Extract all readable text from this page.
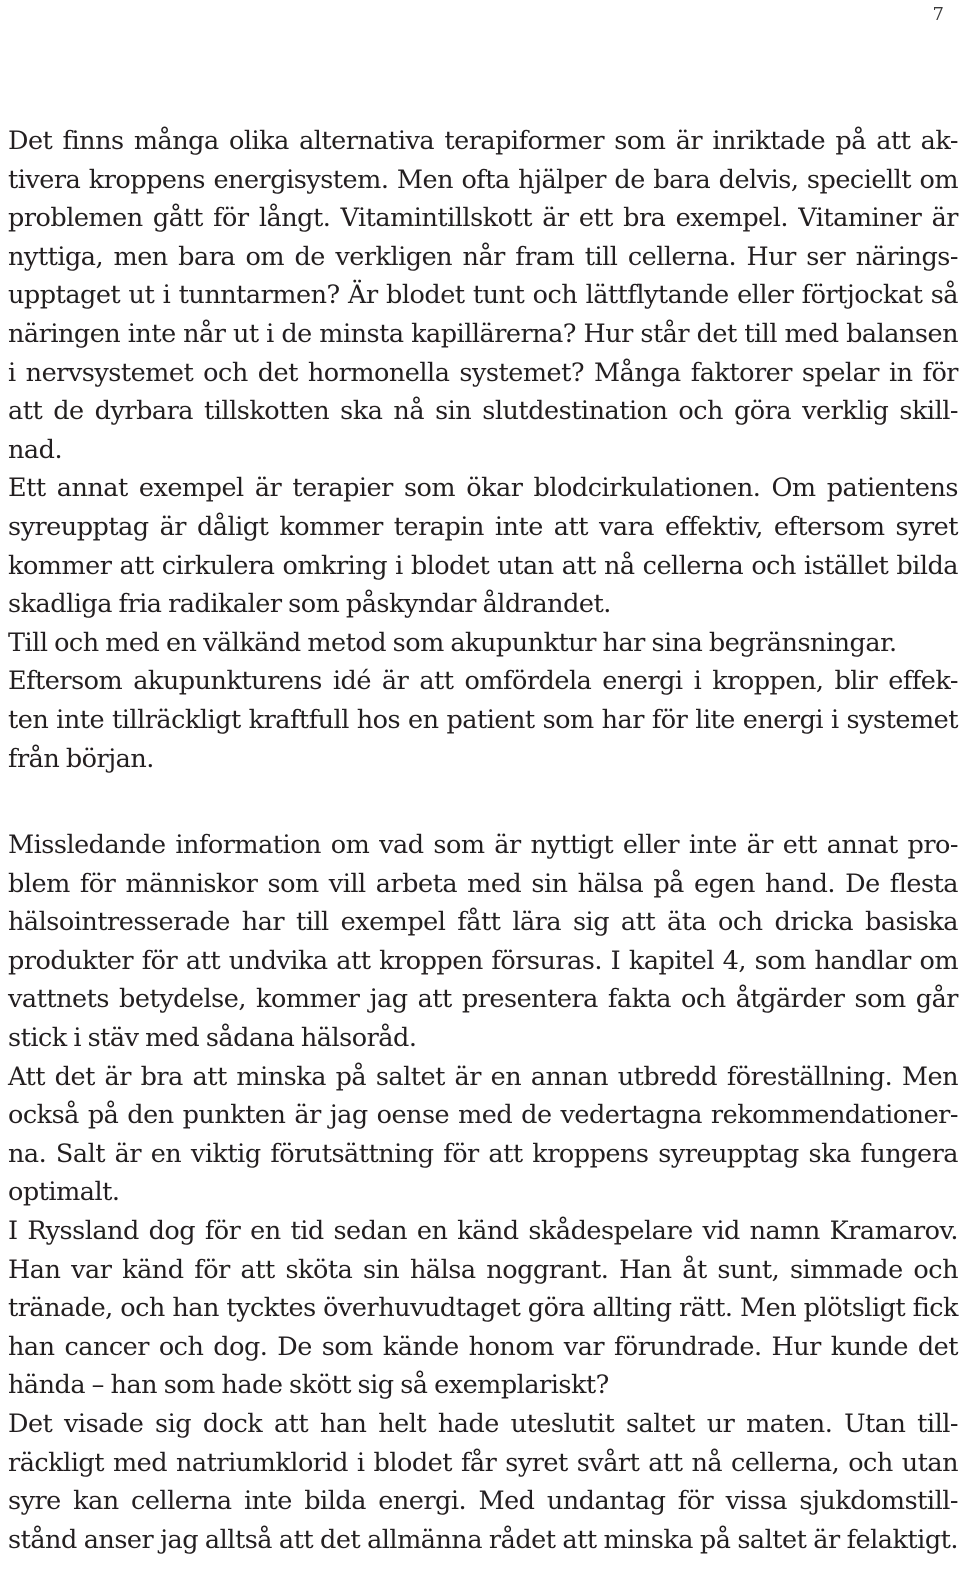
7
Det finns många olika alternativa terapiformer som är inriktade på att ak-
tivera kroppens energisystem. Men ofta hjälper de bara delvis, speciellt om
problemen gått för långt. Vitamintillskott är ett bra exempel. Vitaminer är
nyttiga, men bara om de verkligen når fram till cellerna. Hur ser närings-
upptaget ut i tunntarmen? Är blodet tunt och lättflytande eller förtjockat så
näringen inte når ut i de minsta kapillärerna? Hur står det till med balansen
i nervsystemet och det hormonella systemet? Många faktorer spelar in för
att de dyrbara tillskotten ska nå sin slutdestination och göra verklig skill-
nad.
Ett annat exempel är terapier som ökar blodcirkulationen. Om patientens
syreupptag är dåligt kommer terapin inte att vara effektiv, eftersom syret
kommer att cirkulera omkring i blodet utan att nå cellerna och istället bilda
skadliga fria radikaler som påskyndar åldrandet.
Till och med en välkänd metod som akupunktur har sina begränsningar.
Eftersom akupunkturens idé är att omfördela energi i kroppen, blir effek-
ten inte tillräckligt kraftfull hos en patient som har för lite energi i systemet
från början.
Missledande information om vad som är nyttigt eller inte är ett annat pro-
blem för människor som vill arbeta med sin hälsa på egen hand. De flesta
hälsointresserade har till exempel fått lära sig att äta och dricka basiska
produkter för att undvika att kroppen försuras. I kapitel 4, som handlar om
vattnets betydelse, kommer jag att presentera fakta och åtgärder som går
stick i stäv med sådana hälsoråd.
Att det är bra att minska på saltet är en annan utbredd föreställning. Men
också på den punkten är jag oense med de vedertagna rekommendationer-
na. Salt är en viktig förutsättning för att kroppens syreupptag ska fungera
optimalt.
I Ryssland dog för en tid sedan en känd skådespelare vid namn Kramarov.
Han var känd för att sköta sin hälsa noggrant. Han åt sunt, simmade och
tränade, och han tycktes överhuvudtaget göra allting rätt. Men plötsligt fick
han cancer och dog. De som kände honom var förundrade. Hur kunde det
hända – han som hade skött sig så exemplariskt?
Det visade sig dock att han helt hade uteslutit saltet ur maten. Utan till-
räckligt med natriumklorid i blodet får syret svårt att nå cellerna, och utan
syre kan cellerna inte bilda energi. Med undantag för vissa sjukdomstill-
stånd anser jag alltså att det allmänna rådet att minska på saltet är felaktigt.
